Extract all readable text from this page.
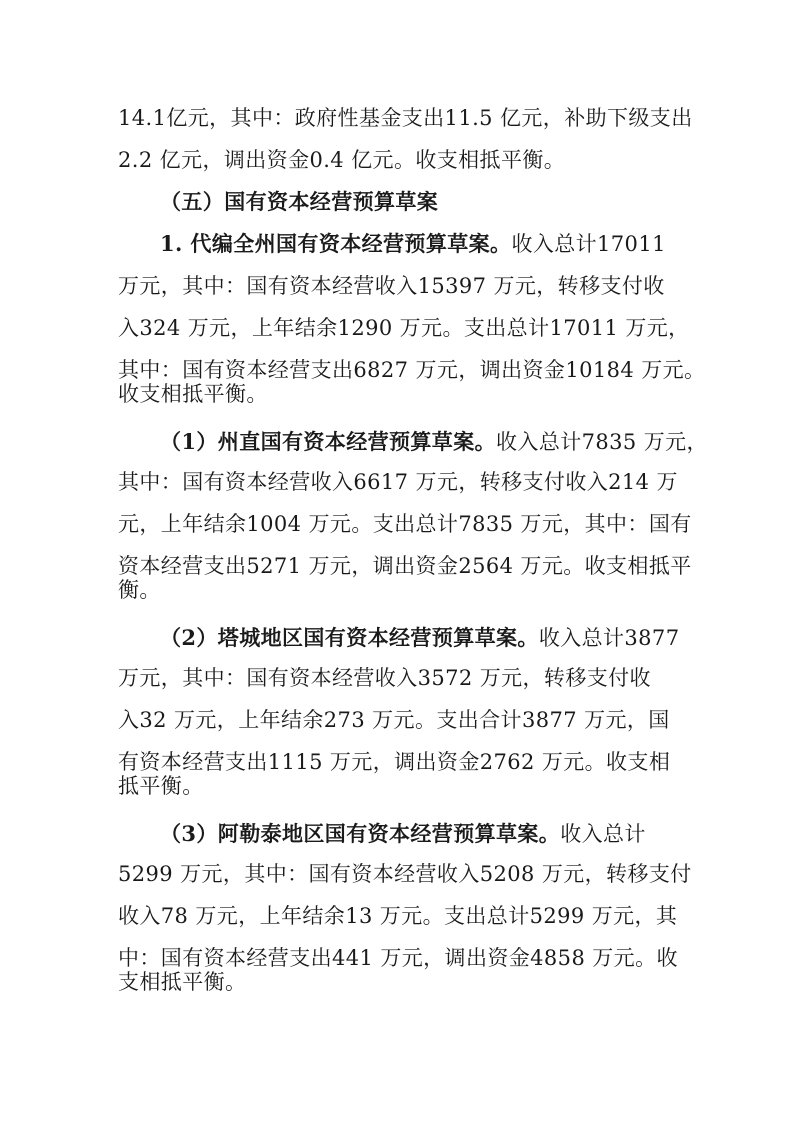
14.1亿元，其中：政府性基金支出11.5 亿元，补助下级支出
2.2 亿元，调出资金0.4 亿元。收支相抵平衡。
（五）国有资本经营预算草案
1. 代编全州国有资本经营预算草案。收入总计17011
万元，其中：国有资本经营收入15397 万元，转移支付收
入324 万元，上年结余1290 万元。支出总计17011 万元，
其中：国有资本经营支出6827 万元，调出资金10184 万元。
收支相抵平衡。
（1）州直国有资本经营预算草案。收入总计7835 万元，
其中：国有资本经营收入6617 万元，转移支付收入214 万
元，上年结余1004 万元。支出总计7835 万元，其中：国有
资本经营支出5271 万元，调出资金2564 万元。收支相抵平
衡。
（2）塔城地区国有资本经营预算草案。收入总计3877
万元，其中：国有资本经营收入3572 万元，转移支付收
入32 万元，上年结余273 万元。支出合计3877 万元，国
有资本经营支出1115 万元，调出资金2762 万元。收支相
抵平衡。
（3）阿勒泰地区国有资本经营预算草案。收入总计
5299 万元，其中：国有资本经营收入5208 万元，转移支付
收入78 万元，上年结余13 万元。支出总计5299 万元，其
中：国有资本经营支出441 万元，调出资金4858 万元。收
支相抵平衡。
